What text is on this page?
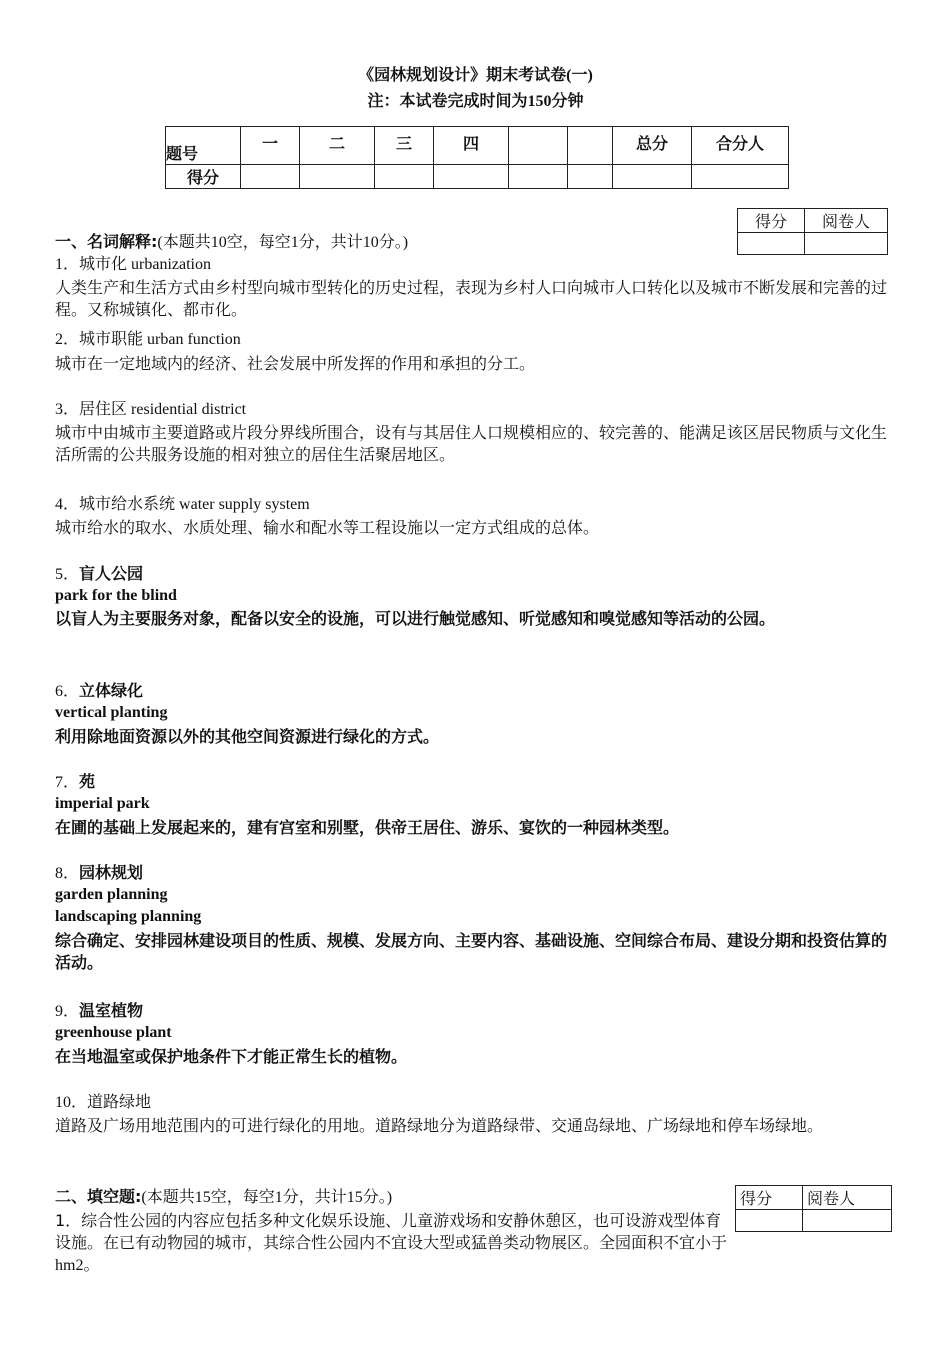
《园林规划设计》期末考试卷(一)
注：本试卷完成时间为150分钟
题号	一	二	三	四			总分	合分人
得分								
得分	阅卷人

一、名词解释:(本题共10空，每空1分，共计10分。)
1．城市化 urbanization
人类生产和生活方式由乡村型向城市型转化的历史过程，表现为乡村人口向城市人口转化以及城市不断发展和完善的过程。又称城镇化、都市化。
2．城市职能 urban function
城市在一定地域内的经济、社会发展中所发挥的作用和承担的分工。
3．居住区 residential district
城市中由城市主要道路或片段分界线所围合，设有与其居住人口规模相应的、较完善的、能满足该区居民物质与文化生活所需的公共服务设施的相对独立的居住生活聚居地区。
4．城市给水系统 water supply system
城市给水的取水、水质处理、输水和配水等工程设施以一定方式组成的总体。
5．盲人公园
park for the blind
以盲人为主要服务对象，配备以安全的设施，可以进行触觉感知、听觉感知和嗅觉感知等活动的公园。
6．立体绿化
vertical planting
利用除地面资源以外的其他空间资源进行绿化的方式。
7．苑
imperial park
在圃的基础上发展起来的，建有宫室和别墅，供帝王居住、游乐、宴饮的一种园林类型。
8．园林规划
garden planning
landscaping planning
综合确定、安排园林建设项目的性质、规模、发展方向、主要内容、基础设施、空间综合布局、建设分期和投资估算的活动。
9．温室植物
greenhouse plant
在当地温室或保护地条件下才能正常生长的植物。
10．道路绿地
道路及广场用地范围内的可进行绿化的用地。道路绿地分为道路绿带、交通岛绿地、广场绿地和停车场绿地。
二、填空题:(本题共15空，每空1分，共计15分。)	得分	阅卷人

1．综合性公园的内容应包括多种文化娱乐设施、儿童游戏场和安静休憩区，也可设游戏型体育设施。在已有动物园的城市，其综合性公园内不宜设大型或猛兽类动物展区。全园面积不宜小于 hm2。
